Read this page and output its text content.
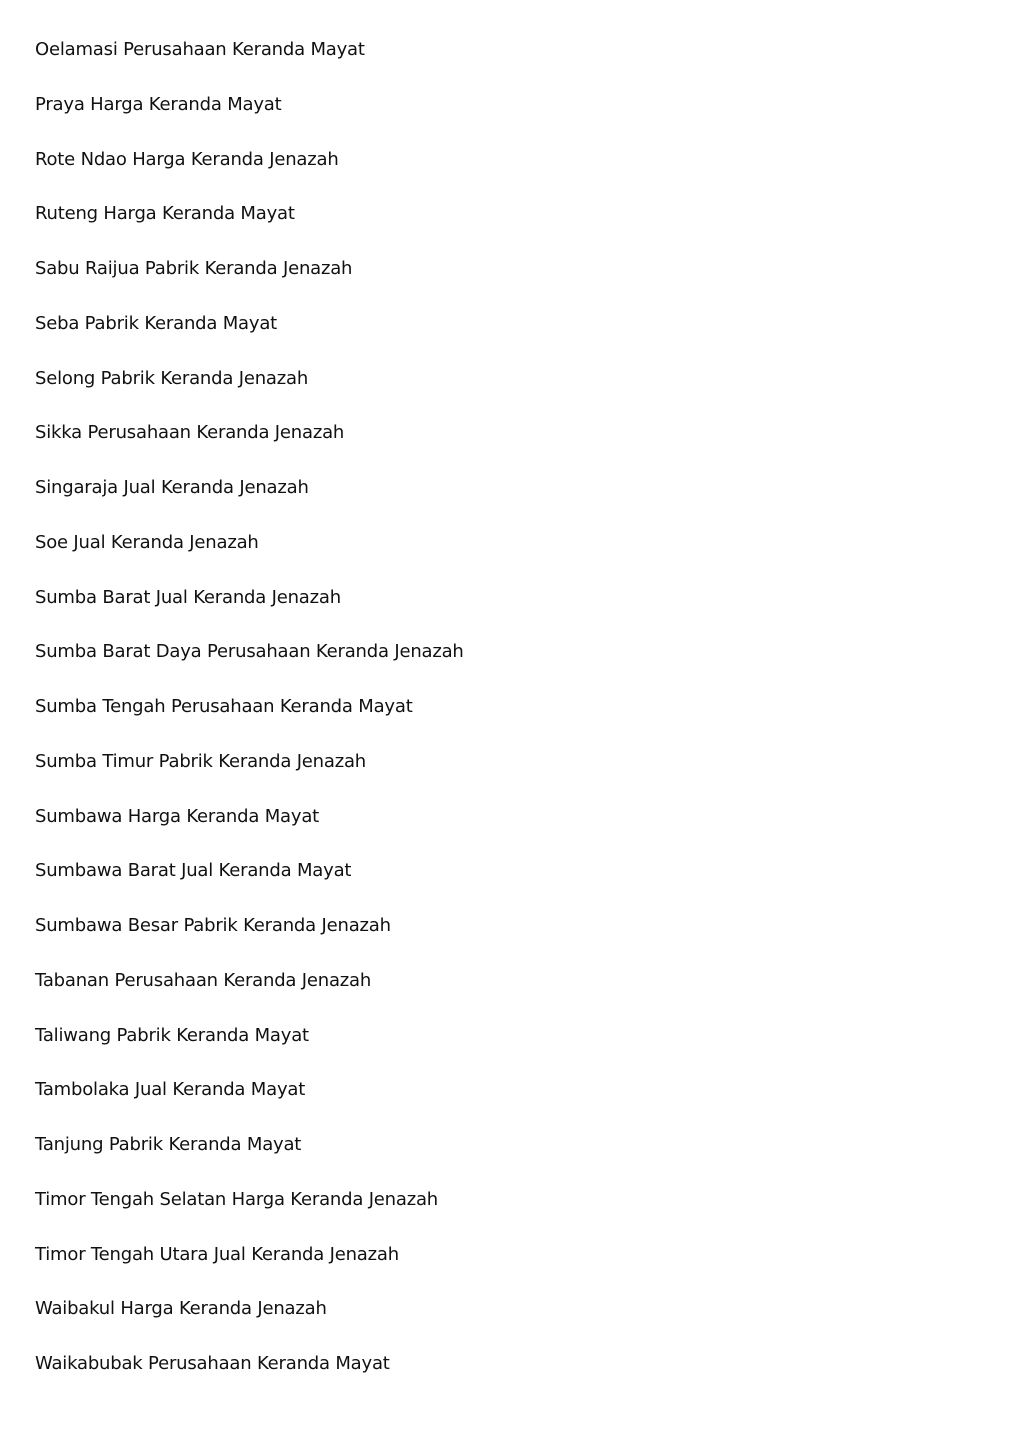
Oelamasi Perusahaan Keranda Mayat
Praya Harga Keranda Mayat
Rote Ndao Harga Keranda Jenazah
Ruteng Harga Keranda Mayat
Sabu Raijua Pabrik Keranda Jenazah
Seba Pabrik Keranda Mayat
Selong Pabrik Keranda Jenazah
Sikka Perusahaan Keranda Jenazah
Singaraja Jual Keranda Jenazah
Soe Jual Keranda Jenazah
Sumba Barat Jual Keranda Jenazah
Sumba Barat Daya Perusahaan Keranda Jenazah
Sumba Tengah Perusahaan Keranda Mayat
Sumba Timur Pabrik Keranda Jenazah
Sumbawa Harga Keranda Mayat
Sumbawa Barat Jual Keranda Mayat
Sumbawa Besar Pabrik Keranda Jenazah
Tabanan Perusahaan Keranda Jenazah
Taliwang Pabrik Keranda Mayat
Tambolaka Jual Keranda Mayat
Tanjung Pabrik Keranda Mayat
Timor Tengah Selatan Harga Keranda Jenazah
Timor Tengah Utara Jual Keranda Jenazah
Waibakul Harga Keranda Jenazah
Waikabubak Perusahaan Keranda Mayat
